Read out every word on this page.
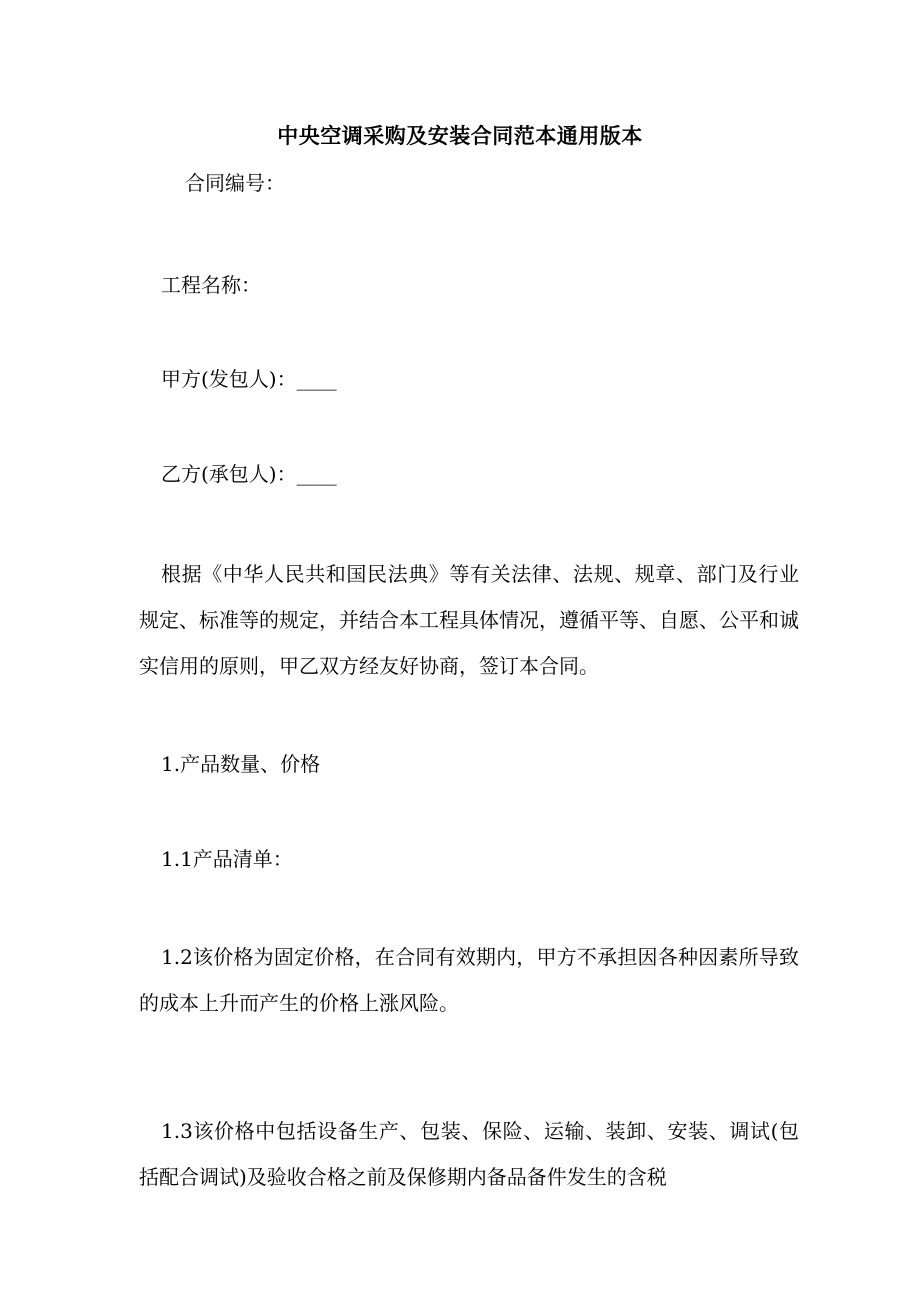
中央空调采购及安装合同范本通用版本
合同编号：
工程名称：
甲方(发包人)：____
乙方(承包人)：____
根据《中华人民共和国民法典》等有关法律、法规、规章、部门及行业规定、标准等的规定，并结合本工程具体情况，遵循平等、自愿、公平和诚实信用的原则，甲乙双方经友好协商，签订本合同。
1.产品数量、价格
1.1产品清单：
1.2该价格为固定价格，在合同有效期内，甲方不承担因各种因素所导致的成本上升而产生的价格上涨风险。
1.3该价格中包括设备生产、包装、保险、运输、装卸、安装、调试(包括配合调试)及验收合格之前及保修期内备品备件发生的含税
